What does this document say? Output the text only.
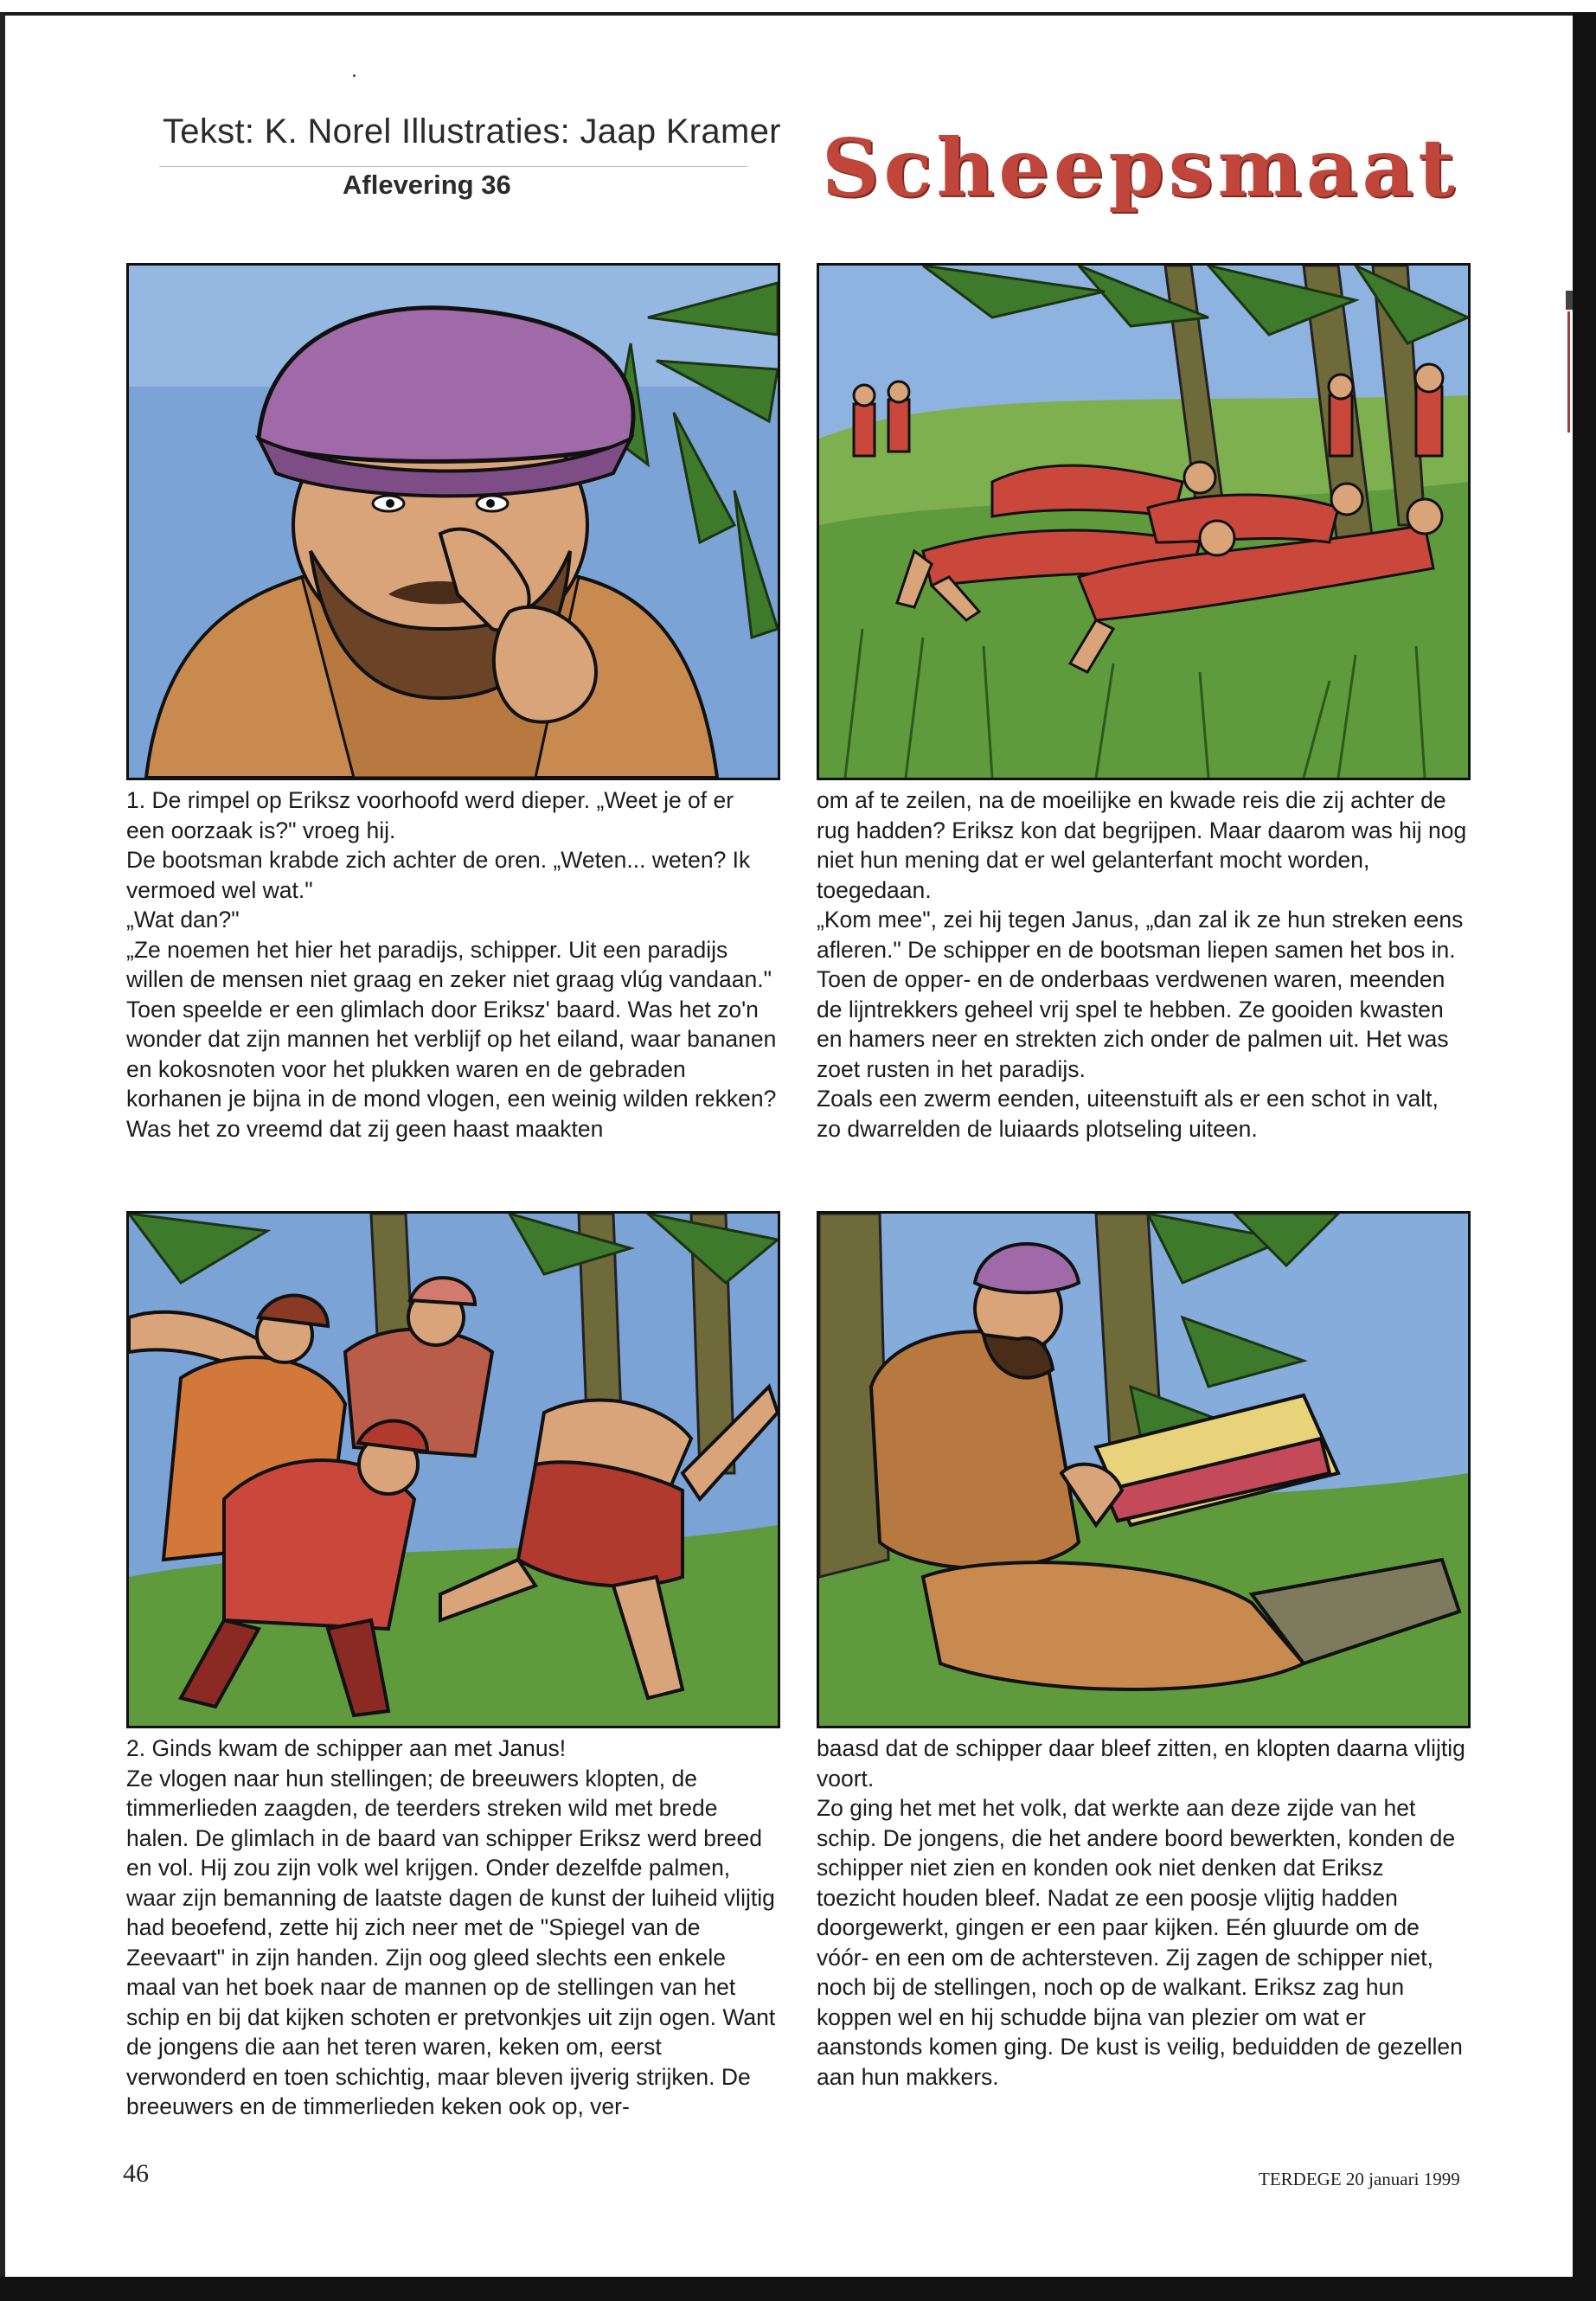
Tekst: K. Norel Illustraties: Jaap Kramer
Aflevering 36	Scheepsmaat

1. De rimpel op Eriksz voorhoofd werd dieper. „Weet je of er een oorzaak is?" vroeg hij.

De bootsman krabde zich achter de oren. „Weten... weten? Ik vermoed wel wat."

„Wat dan?"

„Ze noemen het hier het paradijs, schipper. Uit een paradijs willen de mensen niet graag en zeker niet graag vlúg vandaan."

Toen speelde er een glimlach door Eriksz' baard. Was het zo'n wonder dat zijn mannen het verblijf op het eiland, waar bananen en kokosnoten voor het plukken waren en de gebraden korhanen je bijna in de mond vlogen, een weinig wilden rekken? Was het zo vreemd dat zij geen haast maakten

om af te zeilen, na de moeilijke en kwade reis die zij achter de rug hadden? Eriksz kon dat begrijpen. Maar daarom was hij nog niet hun mening dat er wel gelanterfant mocht worden, toegedaan.

„Kom mee", zei hij tegen Janus, „dan zal ik ze hun streken eens afleren." De schipper en de bootsman liepen samen het bos in.

Toen de opper- en de onderbaas verdwenen waren, meenden de lijntrekkers geheel vrij spel te hebben. Ze gooiden kwasten en hamers neer en strekten zich onder de palmen uit. Het was zoet rusten in het paradijs.

Zoals een zwerm eenden, uiteenstuift als er een schot in valt, zo dwarrelden de luiaards plotseling uiteen.

2. Ginds kwam de schipper aan met Janus!

Ze vlogen naar hun stellingen; de breeuwers klopten, de timmerlieden zaagden, de teerders streken wild met brede halen. De glimlach in de baard van schipper Eriksz werd breed en vol. Hij zou zijn volk wel krijgen. Onder dezelfde palmen, waar zijn bemanning de laatste dagen de kunst der luiheid vlijtig had beoefend, zette hij zich neer met de "Spiegel van de Zeevaart" in zijn handen. Zijn oog gleed slechts een enkele maal van het boek naar de mannen op de stellingen van het schip en bij dat kijken schoten er pretvonkjes uit zijn ogen. Want de jongens die aan het teren waren, keken om, eerst verwonderd en toen schichtig, maar bleven ijverig strijken. De breeuwers en de timmerlieden keken ook op, ver-

baasd dat de schipper daar bleef zitten, en klopten daarna vlijtig voort.

Zo ging het met het volk, dat werkte aan deze zijde van het schip. De jongens, die het andere boord bewerkten, konden de schipper niet zien en konden ook niet denken dat Eriksz toezicht houden bleef. Nadat ze een poosje vlijtig hadden doorgewerkt, gingen er een paar kijken. Eén gluurde om de vóór- en een om de achtersteven. Zij zagen de schipper niet, noch bij de stellingen, noch op de walkant. Eriksz zag hun koppen wel en hij schudde bijna van plezier om wat er aanstonds komen ging. De kust is veilig, beduidden de gezellen aan hun makkers.

46	TERDEGE 20 januari 1999
